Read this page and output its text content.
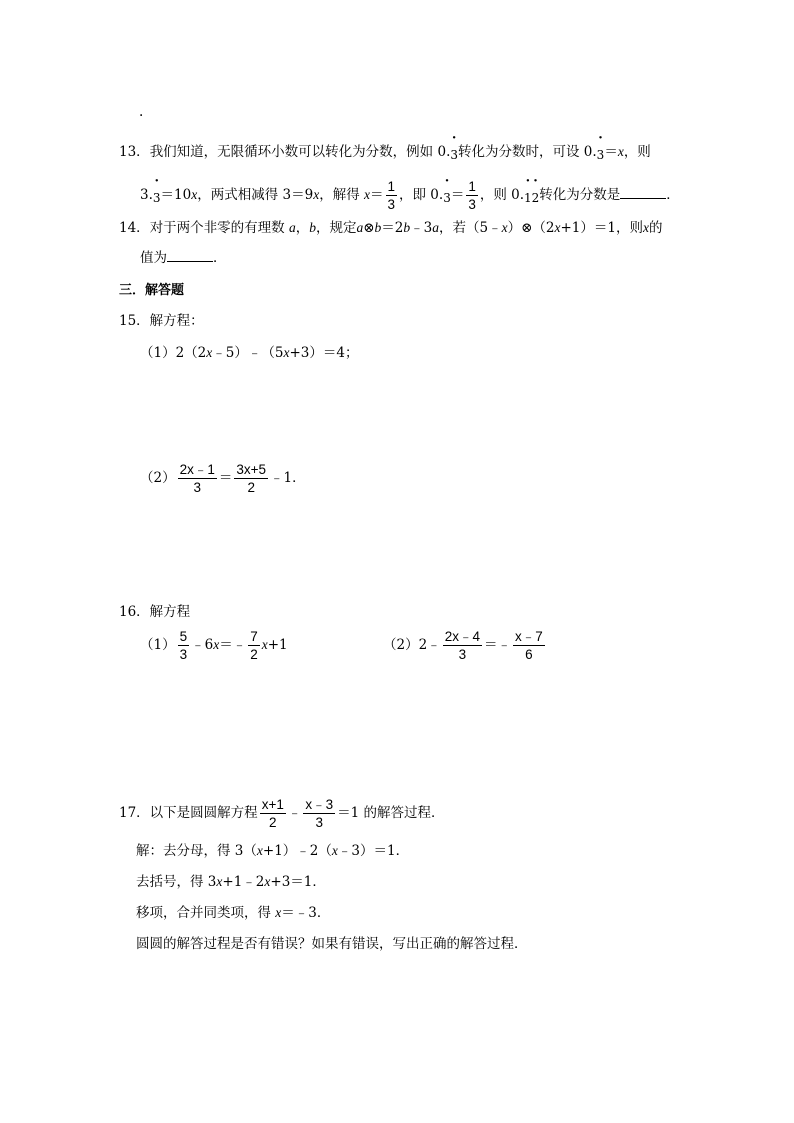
.
13．我们知道，无限循环小数可以转化为分数，例如 0.
·
3转化为分数时，可设 0.
·
3＝x，则
3.
·
3＝10x，两式相减得 3＝9x，解得 $x= \frac{1}{3}$ ，即 0.
·
$3= \frac{1}{3}$ ，则 0.
·
1
·
2转化为分数是	．
14．对于两个非零的有理数 a，b，规定a⊗b＝2b﹣3a，若（5﹣x）⊗（2x+1）＝1，则x的
值为	．
三．解答题
15．解方程：
（1）2（2x﹣5）﹣（5x+3）＝4；
$(2) \frac{2x﹣1}{3} = \frac{3x+5}{2}$ ﹣1．
16．解方程
$(1) \frac{5}{3}$ ﹣6x＝﹣ $\frac{7}{2} x+1$	（2）2﹣ $\frac{2x﹣4}{3}$ ＝﹣ $\frac{x﹣7}{6}$
17．以下是圆圆解方程 $\frac{x+1}{2}$ ﹣ $\frac{x﹣3}{3} =1$ 的解答过程．
解：去分母，得 3（x+1）﹣2（x﹣3）＝1．
去括号，得 3x+1﹣2x+3＝1．
移项，合并同类项，得 x＝﹣3．
圆圆的解答过程是否有错误？如果有错误，写出正确的解答过程．
